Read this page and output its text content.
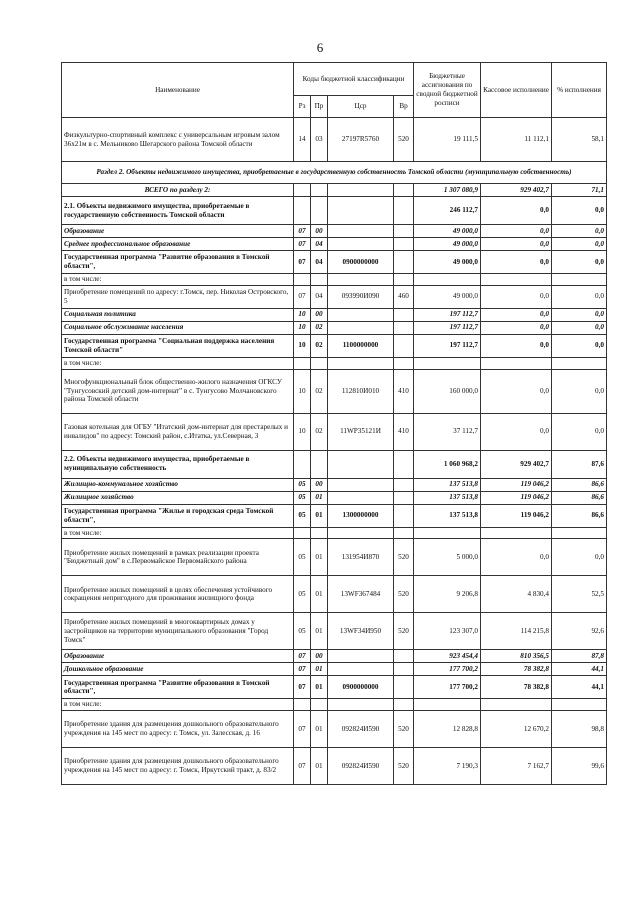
6
Наименование	Коды бюджетной классификации				Бюджетные ассигнования по сводной бюджетной росписи	Кассовое исполнение	% исполнения
	Рз	Пр	Цср	Вр			
Физкультурно-спортивный комплекс с универсальным игровым залом 36х21м в с. Мельниково Шегарского района Томской области	14	03	27197R5760	520	19 111,5	11 112,1	58,1
Раздел 2. Объекты недвижимого имущества, приобретаемые в государственную собственность Томской области (муниципальную собственность)							
ВСЕГО по разделу 2:					1 307 080,9	929 402,7	71,1
2.1. Объекты недвижимого имущества, приобретаемые в государственную собственность Томской области					246 112,7	0,0	0,0
Образование	07	00			49 000,0	0,0	0,0
Среднее профессиональное образование	07	04			49 000,0	0,0	0,0
Государственная программа "Развитие образования в Томской области",	07	04	0900000000		49 000,0	0,0	0,0
в том числе:							
Приобретение помещений по адресу: г.Томск, пер. Николая Островского, 5	07	04	093990И090	460	49 000,0	0,0	0,0
Социальная политика	10	00			197 112,7	0,0	0,0
Социальное обслуживание населения	10	02			197 112,7	0,0	0,0
Государственная программа "Социальная поддержка населения Томской области"	10	02	1100000000		197 112,7	0,0	0,0
в том числе:							
Многофункциональный блок общественно-жилого назначения ОГКСУ "Тунгусовский детский дом-интернат" в с. Тунгусово Молчановского района Томской области	10	02	112810И010	410	160 000,0	0,0	0,0
Газовая котельная для ОГБУ "Итатский дом-интернат для престарелых и инвалидов" по адресу: Томский район, с.Итатка, ул.Северная, 3	10	02	11WP35121И	410	37 112,7	0,0	0,0
2.2. Объекты недвижимого имущества, приобретаемые в муниципальную собственность					1 060 968,2	929 402,7	87,6
Жилищно-коммунальное хозяйство	05	00			137 513,8	119 046,2	86,6
Жилищное хозяйство	05	01			137 513,8	119 046,2	86,6
Государственная программа "Жилье и городская среда Томской области",	05	01	1300000000		137 513,8	119 046,2	86,6
в том числе:							
Приобретение жилых помещений в рамках реализации проекта "Бюджетный дом" в с.Первомайское Первомайского района	05	01	131954И870	520	5 000,0	0,0	0,0
Приобретение жилых помещений в целях обеспечения устойчивого сокращения непригодного для проживания жилищного фонда	05	01	13WF367484	520	9 206,8	4 830,4	52,5
Приобретение жилых помещений в многоквартирных домах у застройщиков на территории муниципального образования "Город Томск"	05	01	13WF34И950	520	123 307,0	114 215,8	92,6
Образование	07	00			923 454,4	810 356,5	87,8
Дошкольное образование	07	01			177 700,2	78 382,8	44,1
Государственная программа "Развитие образования в Томской области",	07	01	0900000000		177 700,2	78 382,8	44,1
в том числе:							
Приобретение здания для размещения дошкольного образовательного учреждения на 145 мест по адресу: г. Томск, ул. Залесская, д. 16	07	01	092824И590	520	12 828,8	12 670,2	98,8
Приобретение здания для размещения дошкольного образовательного учреждения на 145 мест по адресу: г. Томск, Иркутский тракт, д. 83/2	07	01	092824И590	520	7 190,3	7 162,7	99,6
